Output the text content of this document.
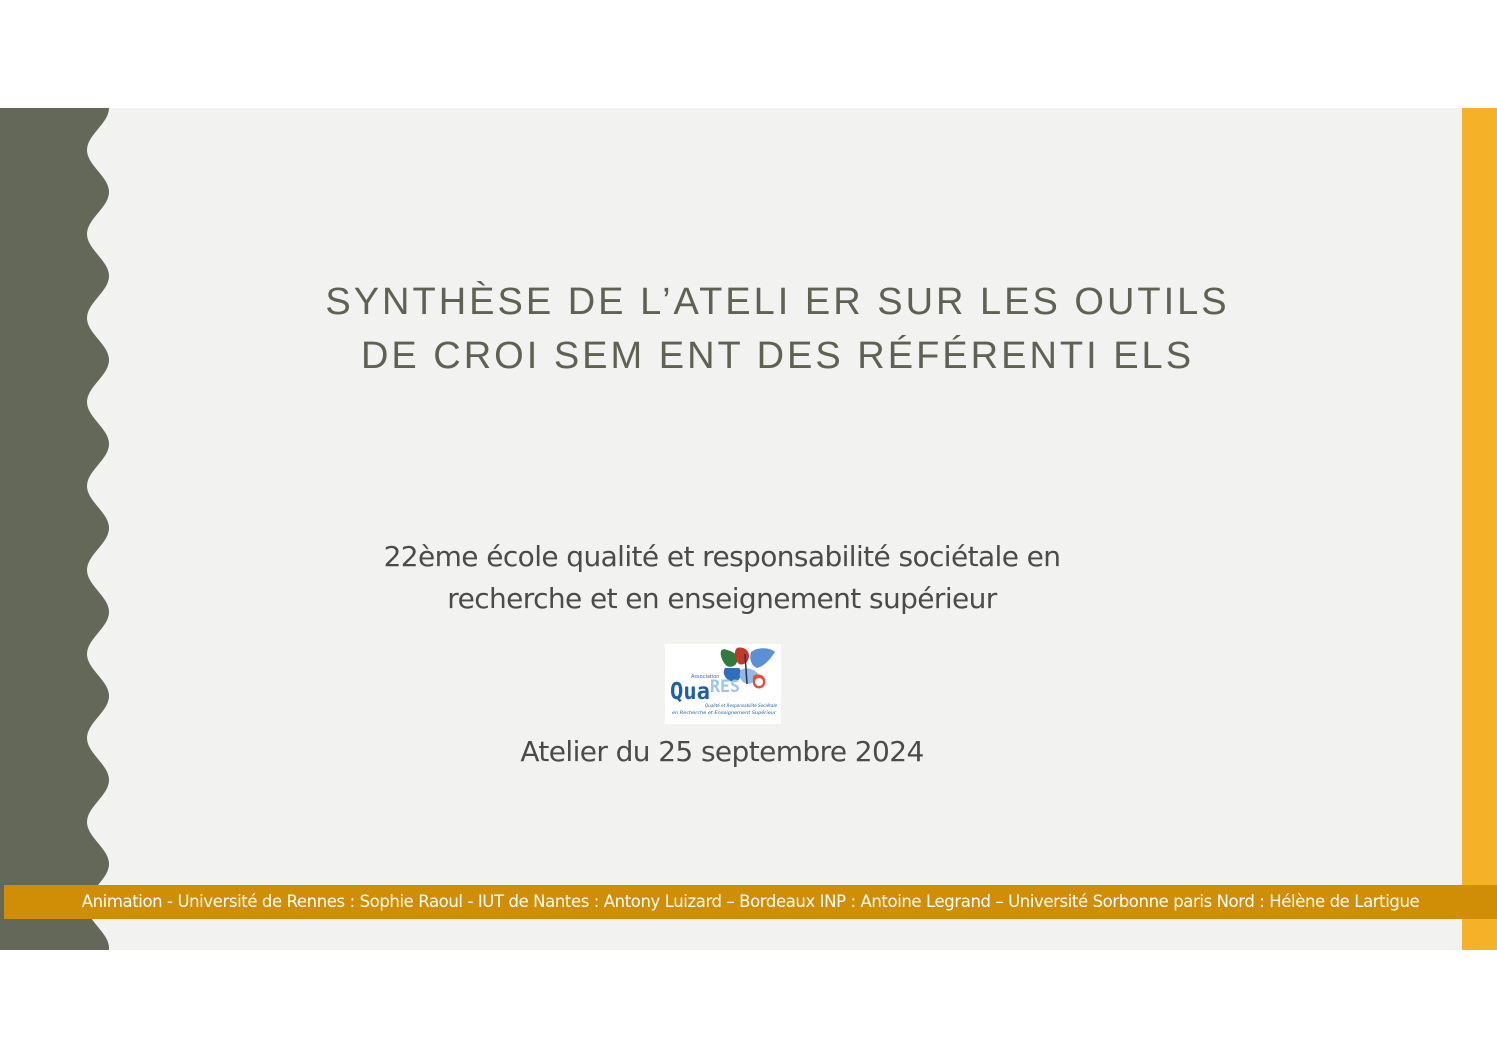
SYNTHÈSE DE L’ATELI ER SUR LES OUTILS
DE CROI SEM ENT DES RÉFÉRENTI ELS
22ème école qualité et responsabilité sociétale en
recherche et en enseignement supérieur
Association
Qua RES
Qualité et Responsabilité Sociétale
en Recherche et Enseignement Supérieur
Atelier du 25 septembre 2024
Animation - Université de Rennes : Sophie Raoul - IUT de Nantes : Antony Luizard – Bordeaux INP : Antoine Legrand – Université Sorbonne paris Nord : Hélène de Lartigue
